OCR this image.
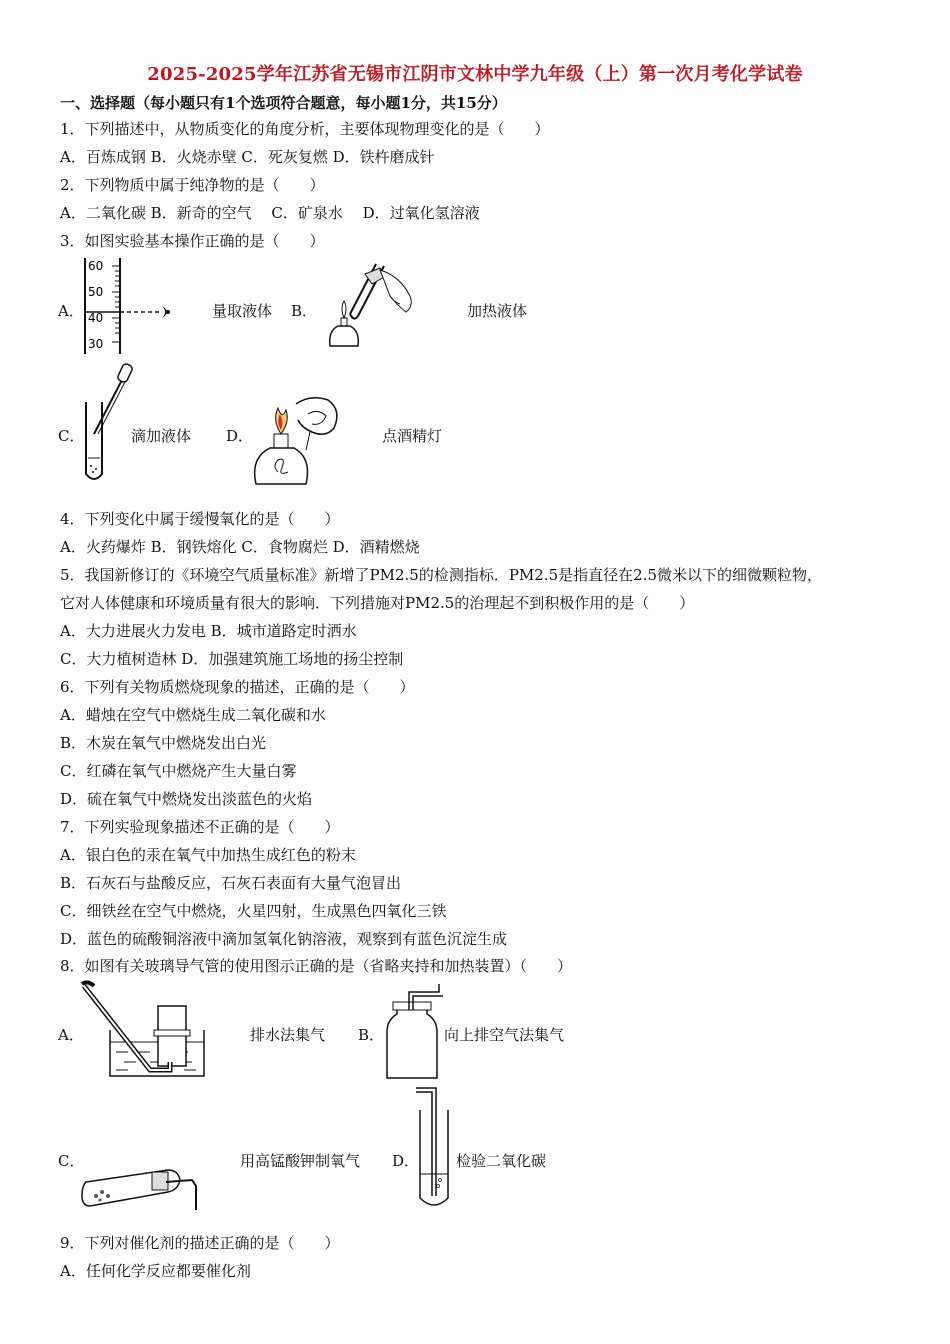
2025-2025学年江苏省无锡市江阴市文林中学九年级（上）第一次月考化学试卷
一、选择题（每小题只有1个选项符合题意，每小题1分，共15分）
1．下列描述中，从物质变化的角度分析，主要体现物理变化的是（　　）
A．百炼成钢 B．火烧赤壁 C．死灰复燃 D．铁杵磨成针
2．下列物质中属于纯净物的是（　　）
A．二氧化碳 B．新奇的空气　 C．矿泉水　 D．过氧化氢溶液
3．如图实验基本操作正确的是（　　）
A．
60
50
40
30
量取液体 B．	加热液体
C．	滴加液体 D．	点酒精灯
4．下列变化中属于缓慢氧化的是（　　）
A．火药爆炸 B．钢铁熔化 C．食物腐烂 D．酒精燃烧
5．我国新修订的《环境空气质量标准》新增了PM2.5的检测指标．PM2.5是指直径在2.5微米以下的细微颗粒物，
它对人体健康和环境质量有很大的影响．下列措施对PM2.5的治理起不到积极作用的是（　　）
A．大力进展火力发电 B．城市道路定时洒水
C．大力植树造林 D．加强建筑施工场地的扬尘控制
6．下列有关物质燃烧现象的描述，正确的是（　　）
A．蜡烛在空气中燃烧生成二氧化碳和水
B．木炭在氧气中燃烧发出白光
C．红磷在氧气中燃烧产生大量白雾
D．硫在氧气中燃烧发出淡蓝色的火焰
7．下列实验现象描述不正确的是（　　）
A．银白色的汞在氧气中加热生成红色的粉末
B．石灰石与盐酸反应，石灰石表面有大量气泡冒出
C．细铁丝在空气中燃烧，火星四射，生成黑色四氧化三铁
D．蓝色的硫酸铜溶液中滴加氢氧化钠溶液，观察到有蓝色沉淀生成
8．如图有关玻璃导气管的使用图示正确的是（省略夹持和加热装置）（　　）
A．	排水法集气 B．	向上排空气法集气
C．	用高锰酸钾制氧气 D． 检验二氧化碳
9．下列对催化剂的描述正确的是（　　）
A．任何化学反应都要催化剂
